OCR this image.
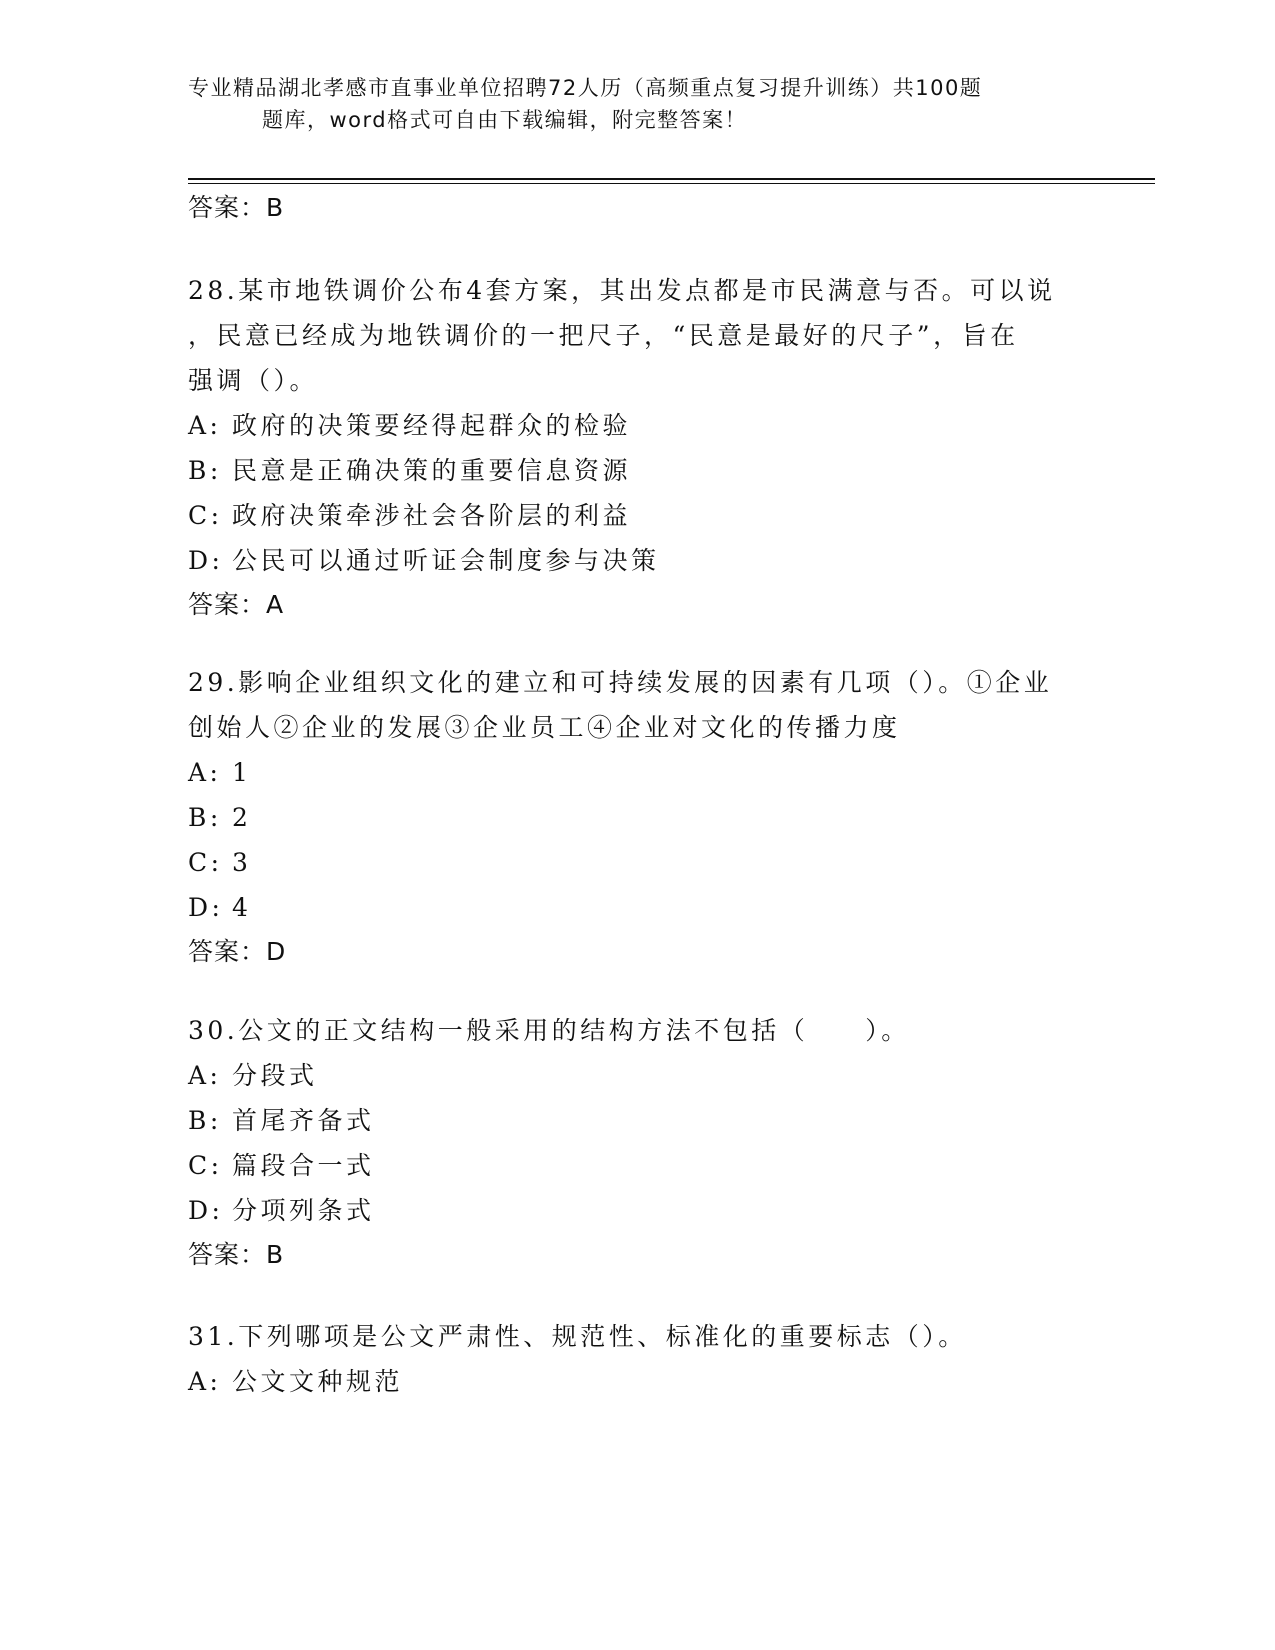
专业精品湖北孝感市直事业单位招聘72人历（高频重点复习提升训练）共100题
题库，word格式可自由下载编辑，附完整答案！
答案：B
28.某市地铁调价公布4套方案，其出发点都是市民满意与否。可以说
，民意已经成为地铁调价的一把尺子，“民意是最好的尺子”，旨在
强调（）。
A: 政府的决策要经得起群众的检验
B: 民意是正确决策的重要信息资源
C: 政府决策牵涉社会各阶层的利益
D: 公民可以通过听证会制度参与决策
答案：A
29.影响企业组织文化的建立和可持续发展的因素有几项（）。①企业
创始人②企业的发展③企业员工④企业对文化的传播力度
A: 1
B: 2
C: 3
D: 4
答案：D
30.公文的正文结构一般采用的结构方法不包括（　　）。
A: 分段式
B: 首尾齐备式
C: 篇段合一式
D: 分项列条式
答案：B
31.下列哪项是公文严肃性、规范性、标准化的重要标志（）。
A: 公文文种规范
